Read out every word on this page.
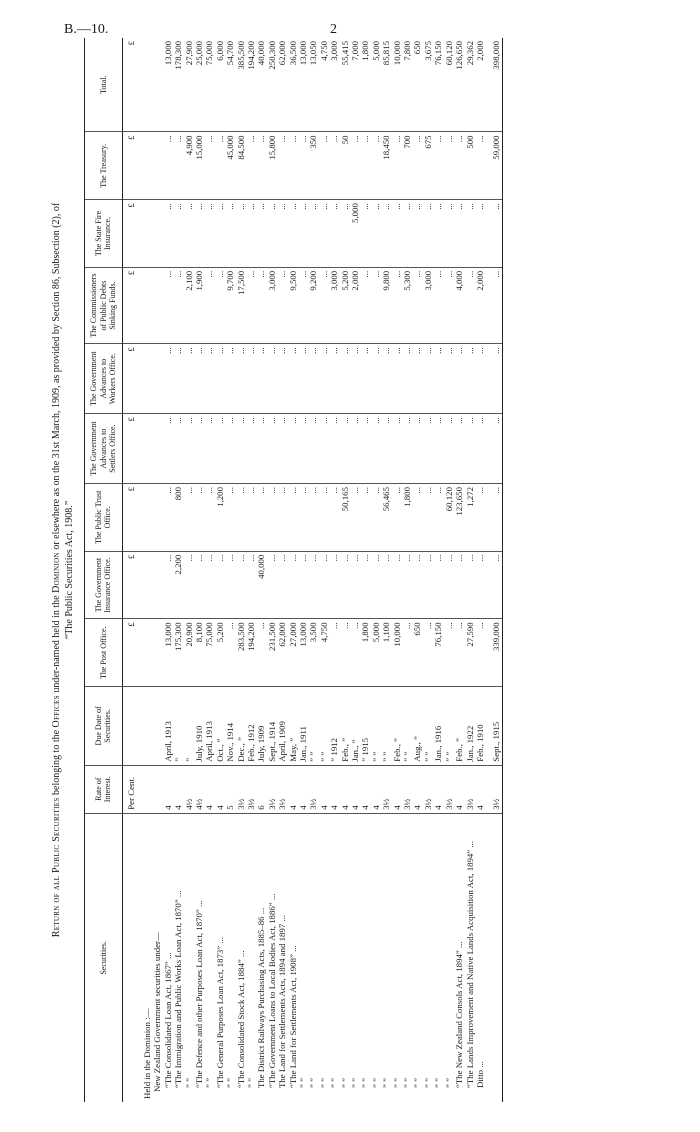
B.—10.	2
Return of all Public Securities belonging to the Offices under-named held in the Dominion or elsewhere as on the 31st March, 1909, as provided by Section 86, Subsection (2), of
“The Public Securities Act, 1908.”
Securities.	Rate of Interest.	Due Date of Securities.	The Post Office.	The Government Insurance Office.	The Public Trust Office.	The Government Advances to Settlers Office.	The Government Advances to Workers Office.	The Commissioners of Public Debts Sinking Funds.	The State Fire Insurance.	The Treasury.	Total.
	Per Cent.		£	£	£	£	£	£	£	£	£
Held in the Dominion :—											
New Zealand Government securities under—											
“The Consolidated Loan Act, 1867” ...	4	April, 1913	13,000	...	...	...	...	...	...	...	13,000
“The Immigration and Public Works Loan Act, 1870” ...	4	”	175,300	2,200	800	...	...	...	...	...	178,300
” ”	4½	”	20,900	...	...	...	...	2,100	...	4,900	27,900
“The Defence and other Purposes Loan Act, 1870” ...	4½	July, 1910	8,100	...	...	...	...	1,900	...	15,000	25,000
” ”	4	April, 1913	75,000	...	...	...	...	...	...	...	75,000
“The General Purposes Loan Act, 1873” ...	4	Oct., ”	5,200	...	1,200	...	...	...	...	...	6,000
” ”	5	Nov., 1914	...	...	...	...	...	9,700	...	45,000	54,700
“The Consolidated Stock Act, 1884” ...	3½	Dec., ”	283,500	...	...	...	...	17,500	...	84,500	385,500
” ”	3½	Feb., 1912	194,200	...	...	...	...	...	...	...	194,200
The District Railways Purchasing Acts, 1885–86 ...	6	July, 1909	...	40,000	...	...	...	...	...	...	40,000
“The Government Loans to Local Bodies Act, 1886” ...	3½	Sept., 1914	231,500	...	...	...	...	3,000	...	15,800	250,300
The Land for Settlements Acts, 1894 and 1897 ...	3½	April, 1909	62,000	...	...	...	...	...	...	...	62,000
“The Land for Settlements Act, 1908” ...	4	May, ”	27,000	...	...	...	...	9,500	...	...	36,500
” ”	4	Jan., 1911	13,000	...	...	...	...	...	...	...	13,000
” ”	3½	” ”	3,500	...	...	...	...	9,200	...	350	13,050
” ”	4	” ”	4,750	...	...	...	...	...	...	...	4,750
” ”	4	” 1912	...	...	...	...	...	3,000	...	...	3,000
” ”	4	Feb., ”	...	...	50,165	...	...	5,200	...	50	55,415
” ”	4	Jan., ”	...	...	...	...	...	2,000	5,000	...	7,000
” ”	4	” 1915	1,800	...	...	...	...	...	...	...	1,800
” ”	4	” ”	5,000	...	...	...	...	...	...	...	5,000
” ”	3½	” ”	1,100	...	56,465	...	...	9,800	...	18,450	85,815
” ”	4	Feb., ”	10,000	...	...	...	...	...	...	...	10,000
” ”	3½	” ”	...	...	1,800	...	...	5,300	...	700	7,800
” ”	4	Aug., ”	650	...	...	...	...	...	...	...	650
” ”	3½	” ”	...	...	...	...	...	3,000	...	675	3,675
” ”	4	Jan., 1916	76,150	...	...	...	...	...	...	...	76,150
” ”	3½	” ”	...	...	60,120	...	...	...	...	...	60,120
“The New Zealand Consols Act, 1894” ...	4	Feb., ”	...	...	123,650	...	...	4,000	...	...	126,650
“The Lands Improvement and Native Lands Acquisition Act, 1894” ...	3½	Jan., 1922	27,590	...	1,272	...	...	...	...	500	29,362
Ditto ...	4	Feb., 1910	...	...	...	...	...	2,000	...	...	2,000
	3½	Sept., 1915	339,000	...	...	...	...	...	...	59,000	398,000
